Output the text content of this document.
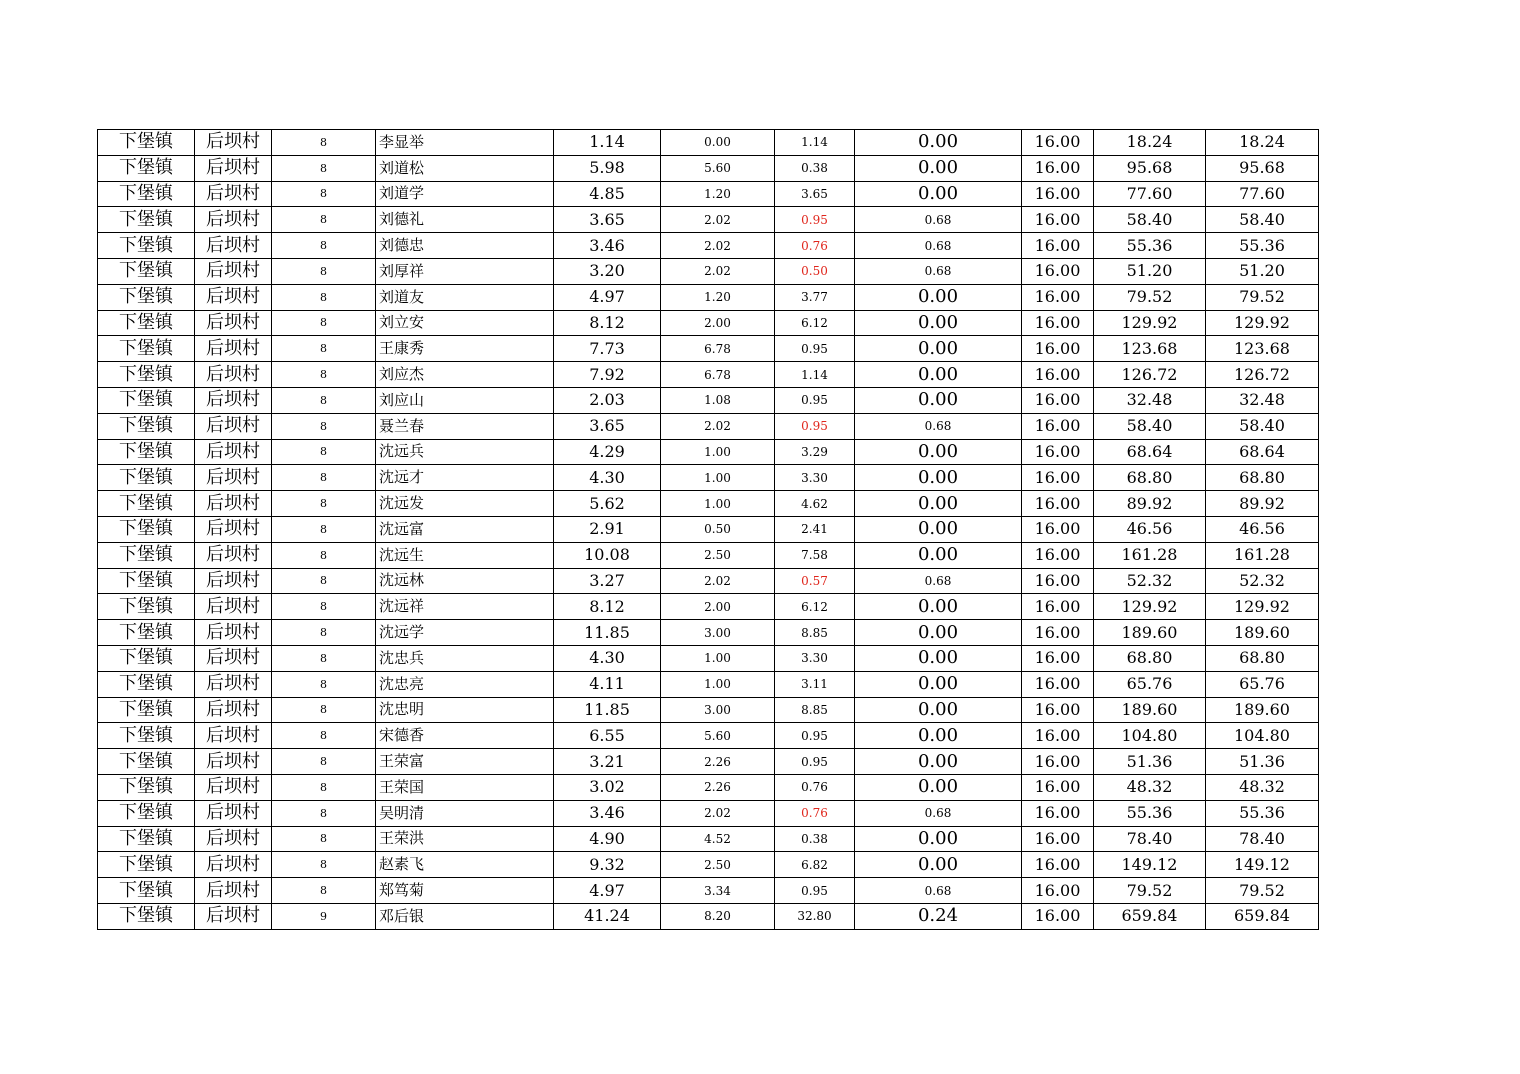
下堡镇	后坝村	8	李显举	1.14	0.00	1.14	0.00	16.00	18.24	18.24
下堡镇	后坝村	8	刘道松	5.98	5.60	0.38	0.00	16.00	95.68	95.68
下堡镇	后坝村	8	刘道学	4.85	1.20	3.65	0.00	16.00	77.60	77.60
下堡镇	后坝村	8	刘德礼	3.65	2.02	0.95	0.68	16.00	58.40	58.40
下堡镇	后坝村	8	刘德忠	3.46	2.02	0.76	0.68	16.00	55.36	55.36
下堡镇	后坝村	8	刘厚祥	3.20	2.02	0.50	0.68	16.00	51.20	51.20
下堡镇	后坝村	8	刘道友	4.97	1.20	3.77	0.00	16.00	79.52	79.52
下堡镇	后坝村	8	刘立安	8.12	2.00	6.12	0.00	16.00	129.92	129.92
下堡镇	后坝村	8	王康秀	7.73	6.78	0.95	0.00	16.00	123.68	123.68
下堡镇	后坝村	8	刘应杰	7.92	6.78	1.14	0.00	16.00	126.72	126.72
下堡镇	后坝村	8	刘应山	2.03	1.08	0.95	0.00	16.00	32.48	32.48
下堡镇	后坝村	8	聂兰春	3.65	2.02	0.95	0.68	16.00	58.40	58.40
下堡镇	后坝村	8	沈远兵	4.29	1.00	3.29	0.00	16.00	68.64	68.64
下堡镇	后坝村	8	沈远才	4.30	1.00	3.30	0.00	16.00	68.80	68.80
下堡镇	后坝村	8	沈远发	5.62	1.00	4.62	0.00	16.00	89.92	89.92
下堡镇	后坝村	8	沈远富	2.91	0.50	2.41	0.00	16.00	46.56	46.56
下堡镇	后坝村	8	沈远生	10.08	2.50	7.58	0.00	16.00	161.28	161.28
下堡镇	后坝村	8	沈远林	3.27	2.02	0.57	0.68	16.00	52.32	52.32
下堡镇	后坝村	8	沈远祥	8.12	2.00	6.12	0.00	16.00	129.92	129.92
下堡镇	后坝村	8	沈远学	11.85	3.00	8.85	0.00	16.00	189.60	189.60
下堡镇	后坝村	8	沈忠兵	4.30	1.00	3.30	0.00	16.00	68.80	68.80
下堡镇	后坝村	8	沈忠亮	4.11	1.00	3.11	0.00	16.00	65.76	65.76
下堡镇	后坝村	8	沈忠明	11.85	3.00	8.85	0.00	16.00	189.60	189.60
下堡镇	后坝村	8	宋德香	6.55	5.60	0.95	0.00	16.00	104.80	104.80
下堡镇	后坝村	8	王荣富	3.21	2.26	0.95	0.00	16.00	51.36	51.36
下堡镇	后坝村	8	王荣国	3.02	2.26	0.76	0.00	16.00	48.32	48.32
下堡镇	后坝村	8	吴明清	3.46	2.02	0.76	0.68	16.00	55.36	55.36
下堡镇	后坝村	8	王荣洪	4.90	4.52	0.38	0.00	16.00	78.40	78.40
下堡镇	后坝村	8	赵素飞	9.32	2.50	6.82	0.00	16.00	149.12	149.12
下堡镇	后坝村	8	郑笃菊	4.97	3.34	0.95	0.68	16.00	79.52	79.52
下堡镇	后坝村	9	邓后银	41.24	8.20	32.80	0.24	16.00	659.84	659.84
